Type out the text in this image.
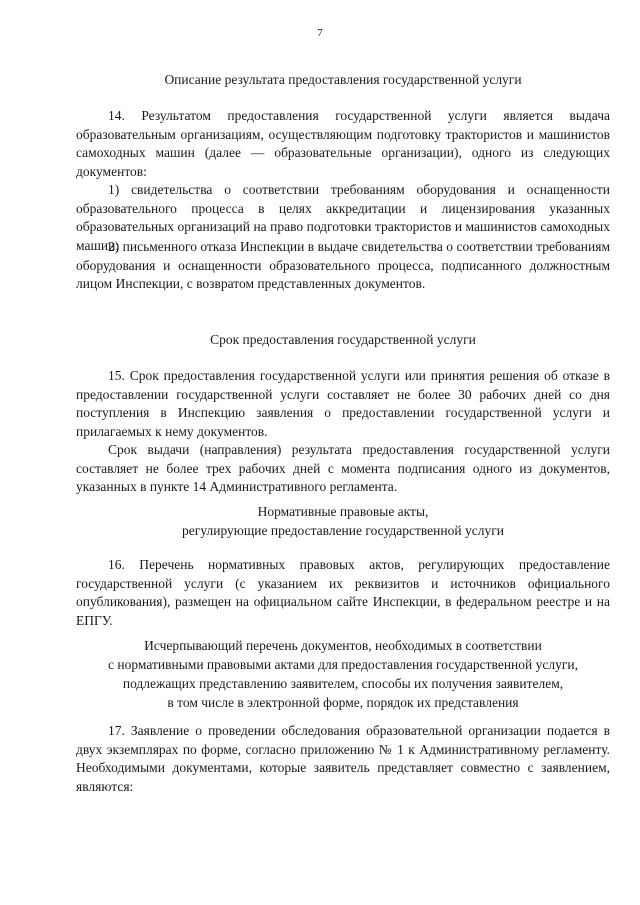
7
Описание результата предоставления государственной услуги

14. Результатом предоставления государственной услуги является выдача образовательным организациям, осуществляющим подготовку трактористов и машинистов самоходных машин (далее — образовательные организации), одного из следующих документов:

1) свидетельства о соответствии требованиям оборудования и оснащенности образовательного процесса в целях аккредитации и лицензирования указанных образовательных организаций на право подготовки трактористов и машинистов самоходных машин;

2) письменного отказа Инспекции в выдаче свидетельства о соответствии требованиям оборудования и оснащенности образовательного процесса, подписанного должностным лицом Инспекции, с возвратом представленных документов.

Срок предоставления государственной услуги

15. Срок предоставления государственной услуги или принятия решения об отказе в предоставлении государственной услуги составляет не более 30 рабочих дней со дня поступления в Инспекцию заявления о предоставлении государственной услуги и прилагаемых к нему документов.

Срок выдачи (направления) результата предоставления государственной услуги составляет не более трех рабочих дней с момента подписания одного из документов, указанных в пункте 14 Административного регламента.

Нормативные правовые акты,
регулирующие предоставление государственной услуги

16. Перечень нормативных правовых актов, регулирующих предоставление государственной услуги (с указанием их реквизитов и источников официального опубликования), размещен на официальном сайте Инспекции, в федеральном реестре и на ЕПГУ.

Исчерпывающий перечень документов, необходимых в соответствии
с нормативными правовыми актами для предоставления государственной услуги,
подлежащих представлению заявителем, способы их получения заявителем,
в том числе в электронной форме, порядок их представления

17. Заявление о проведении обследования образовательной организации подается в двух экземплярах по форме, согласно приложению № 1 к Административному регламенту. Необходимыми документами, которые заявитель представляет совместно с заявлением, являются:
